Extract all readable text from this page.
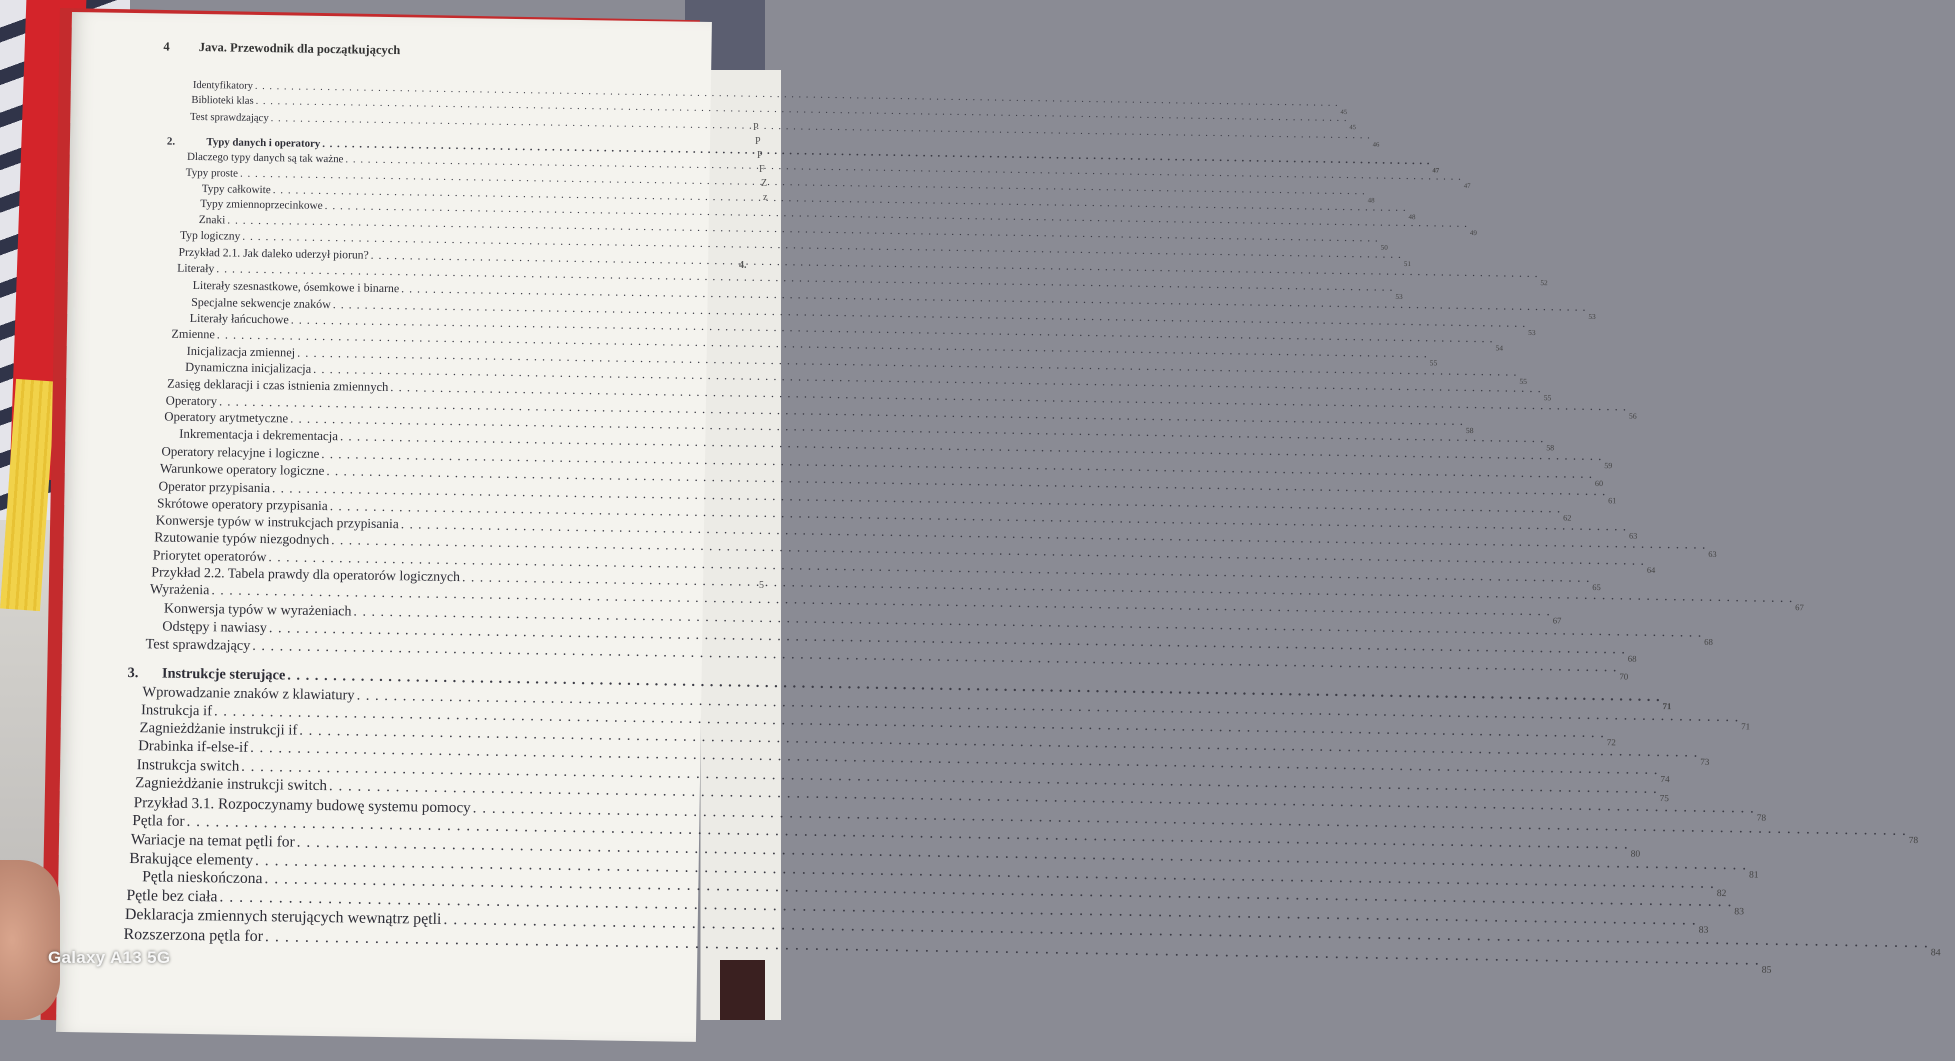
P
P
P
F
Z
z
4.
5
4 Java. Przewodnik dla początkujących
Identyfikatory
. . .
45
Biblioteki klas
. . .
45
Test sprawdzający
. . .
46
2.	Typy danych i operatory
. . .
47
Dlaczego typy danych są tak ważne
. . .
47
Typy proste
. . .
48
Typy całkowite
. . .
48
Typy zmiennoprzecinkowe
. . .
49
Znaki
. . .
50
Typ logiczny
. . .
51
Przykład 2.1. Jak daleko uderzył piorun?
. . .
52
Literały
. . .
53
Literały szesnastkowe, ósemkowe i binarne
. . .
53
Specjalne sekwencje znaków
. . .
53
Literały łańcuchowe
. . .
54
Zmienne
. . .
55
Inicjalizacja zmiennej
. . .
55
Dynamiczna inicjalizacja
. . .
55
Zasięg deklaracji i czas istnienia zmiennych
. . .
56
Operatory
. . .
58
Operatory arytmetyczne
. . .
58
Inkrementacja i dekrementacja
. . .
59
Operatory relacyjne i logiczne
. . .
60
Warunkowe operatory logiczne
. . .
61
Operator przypisania
. . .
62
Skrótowe operatory przypisania
. . .
63
Konwersje typów w instrukcjach przypisania
. . .
63
Rzutowanie typów niezgodnych
. . .
64
Priorytet operatorów
. . .
65
Przykład 2.2. Tabela prawdy dla operatorów logicznych
. . .
67
Wyrażenia
. . .
67
Konwersja typów w wyrażeniach
. . .
68
Odstępy i nawiasy
. . .
68
Test sprawdzający
. . .
70
3. Instrukcje sterujące
. . .
71
Wprowadzanie znaków z klawiatury
. . .
71
Instrukcja if
. . .
72
Zagnieżdżanie instrukcji if
. . .
73
Drabinka if-else-if
. . .
74
Instrukcja switch
. . .
75
Zagnieżdżanie instrukcji switch
. . .
78
Przykład 3.1. Rozpoczynamy budowę systemu pomocy
. . .
78
Pętla for
. . .
80
Wariacje na temat pętli for
. . .
81
Brakujące elementy
. . .
82
Pętla nieskończona
. . .
83
Pętle bez ciała
. . .
83
Deklaracja zmiennych sterujących wewnątrz pętli
. . .
84
Rozszerzona pętla for
. . .
85
Galaxy A13 5G
